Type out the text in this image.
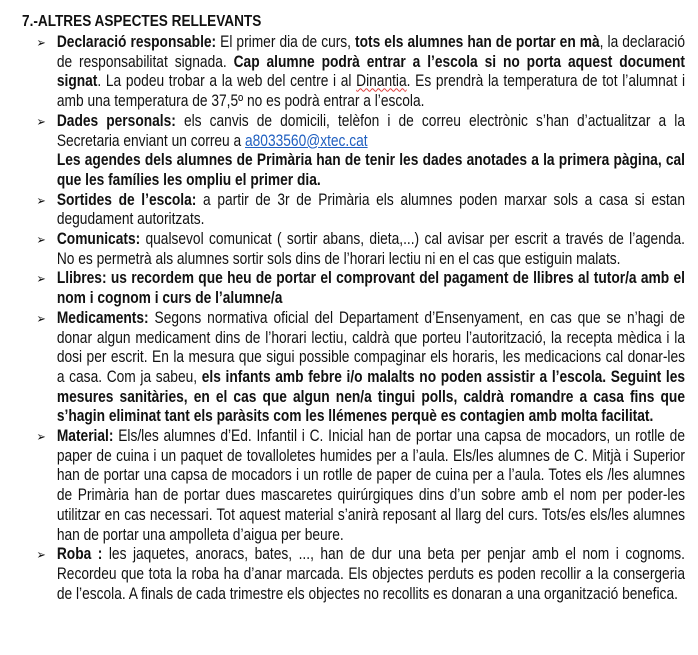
7.-ALTRES ASPECTES RELLEVANTS
➢ Declaració responsable: El primer dia de curs, tots els alumnes han de portar en mà, la declaració de responsabilitat signada. Cap alumne podrà entrar a l’escola si no porta aquest document signat. La podeu trobar a la web del centre i al Dinantia. Es prendrà la temperatura de tot l’alumnat i amb una temperatura de 37,5º no es podrà entrar a l’escola.
➢ Dades personals: els canvis de domicili, telèfon i de correu electrònic s’han d’actualitzar a la Secretaria enviant un correu a a8033560@xtec.cat
Les agendes dels alumnes de Primària han de tenir les dades anotades a la primera pàgina, cal que les famílies les ompliu el primer dia.
➢ Sortides de l’escola: a partir de 3r de Primària els alumnes poden marxar sols a casa si estan degudament autoritzats.
➢ Comunicats: qualsevol comunicat ( sortir abans, dieta,...) cal avisar per escrit a través de l’agenda. No es permetrà als alumnes sortir sols dins de l’horari lectiu ni en el cas que estiguin malats.
➢ Llibres: us recordem que heu de portar el comprovant del pagament de llibres al tutor/a amb el nom i cognom i curs de l’alumne/a
➢ Medicaments: Segons normativa oficial del Departament d’Ensenyament, en cas que se n’hagi de donar algun medicament dins de l’horari lectiu, caldrà que porteu l’autorització, la recepta mèdica i la dosi per escrit. En la mesura que sigui possible compaginar els horaris, les medicacions cal donar-les a casa. Com ja sabeu, els infants amb febre i/o malalts no poden assistir a l’escola. Seguint les mesures sanitàries, en el cas que algun nen/a tingui polls, caldrà romandre a casa fins que s’hagin eliminat tant els paràsits com les llémenes perquè es contagien amb molta facilitat.
➢ Material: Els/les alumnes d’Ed. Infantil i C. Inicial han de portar una capsa de mocadors, un rotlle de paper de cuina i un paquet de tovalloletes humides per a l’aula. Els/les alumnes de C. Mitjà i Superior han de portar una capsa de mocadors i un rotlle de paper de cuina per a l’aula. Totes els /les alumnes de Primària han de portar dues mascaretes quirúrgiques dins d’un sobre amb el nom per poder-les utilitzar en cas necessari. Tot aquest material s’anirà reposant al llarg del curs. Tots/es els/les alumnes han de portar una ampolleta d’aigua per beure.
➢ Roba : les jaquetes, anoracs, bates, ..., han de dur una beta per penjar amb el nom i cognoms. Recordeu que tota la roba ha d’anar marcada. Els objectes perduts es poden recollir a la consergeria de l’escola. A finals de cada trimestre els objectes no recollits es donaran a una organització benefica.
